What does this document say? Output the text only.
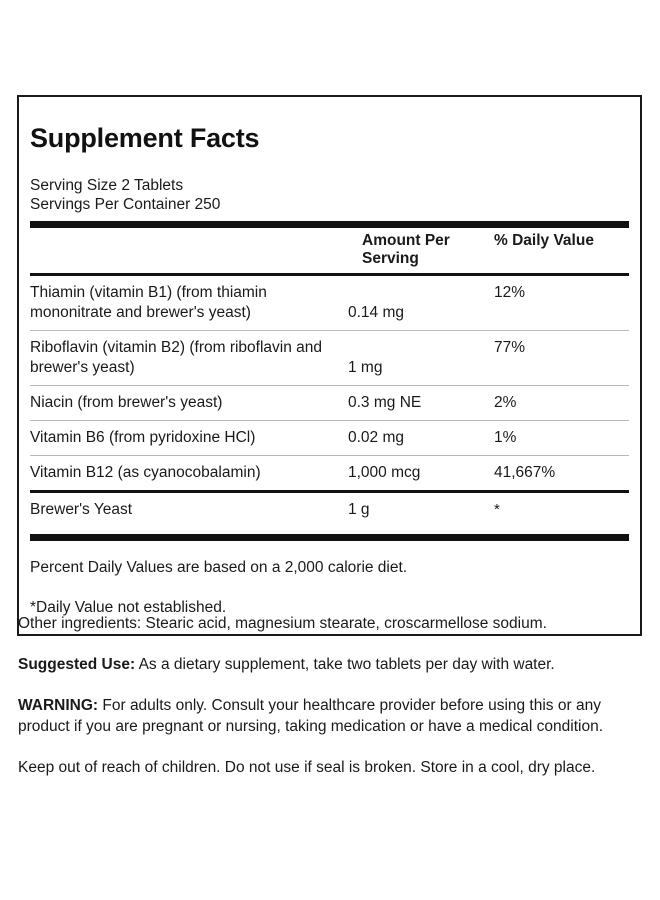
Supplement Facts
Serving Size 2 Tablets
Servings Per Container 250
	Amount Per Serving	% Daily Value
Thiamin (vitamin B1) (from thiamin mononitrate and brewer's yeast)	0.14 mg	12%
Riboflavin (vitamin B2) (from riboflavin and brewer's yeast)	1 mg	77%
Niacin (from brewer's yeast)	0.3 mg NE	2%
Vitamin B6 (from pyridoxine HCl)	0.02 mg	1%
Vitamin B12 (as cyanocobalamin)	1,000 mcg	41,667%
Brewer's Yeast	1 g	*
Percent Daily Values are based on a 2,000 calorie diet.
*Daily Value not established.

Other ingredients: Stearic acid, magnesium stearate, croscarmellose sodium.

Suggested Use: As a dietary supplement, take two tablets per day with water.

WARNING: For adults only. Consult your healthcare provider before using this or any product if you are pregnant or nursing, taking medication or have a medical condition.

Keep out of reach of children. Do not use if seal is broken. Store in a cool, dry place.
